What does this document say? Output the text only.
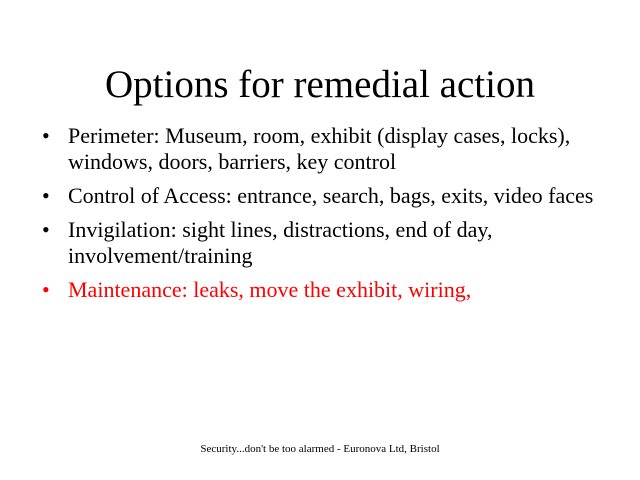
Options for remedial action
• Perimeter: Museum, room, exhibit (display cases, locks), windows, doors, barriers, key control
• Control of Access: entrance, search, bags, exits, video faces
• Invigilation: sight lines, distractions, end of day, involvement/training
• Maintenance: leaks, move the exhibit, wiring,
Security...don't be too alarmed - Euronova Ltd, Bristol
